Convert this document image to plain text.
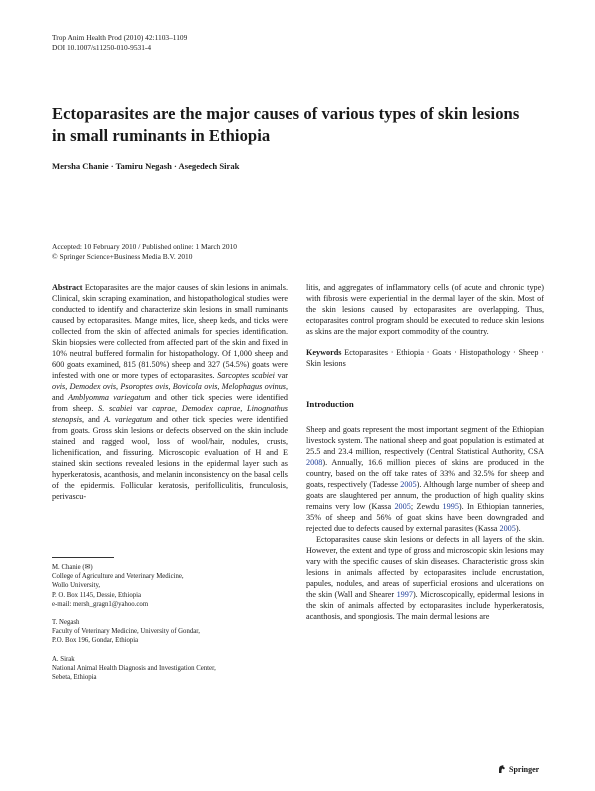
Trop Anim Health Prod (2010) 42:1103–1109
DOI 10.1007/s11250-010-9531-4
Ectoparasites are the major causes of various types of skin lesions in small ruminants in Ethiopia
Mersha Chanie · Tamiru Negash · Asegedech Sirak
Accepted: 10 February 2010 / Published online: 1 March 2010
© Springer Science+Business Media B.V. 2010

Abstract Ectoparasites are the major causes of skin lesions in animals. Clinical, skin scraping examination, and histopathological studies were conducted to identify and characterize skin lesions in small ruminants caused by ectoparasites. Mange mites, lice, sheep keds, and ticks were collected from the skin of affected animals for species identification. Skin biopsies were collected from affected part of the skin and fixed in 10% neutral buffered formalin for histopathology. Of 1,000 sheep and 600 goats examined, 815 (81.50%) sheep and 327 (54.5%) goats were infested with one or more types of ectoparasites. Sarcoptes scabiei var ovis, Demodex ovis, Psoroptes ovis, Bovicola ovis, Melophagus ovinus, and Amblyomma variegatum and other tick species were identified from sheep. S. scabiei var caprae, Demodex caprae, Linognathus stenopsis, and A. variegatum and other tick species were identified from goats. Gross skin lesions or defects observed on the skin include stained and ragged wool, loss of wool/hair, nodules, crusts, lichenification, and fissuring. Microscopic evaluation of H and E stained skin sections revealed lesions in the epidermal layer such as hyperkeratosis, acanthosis, and melanin inconsistency on the basal cells of the epidermis. Follicular keratosis, perifolliculitis, frunculosis, perivascu-

M. Chanie (✉)

College of Agriculture and Veterinary Medicine,

Wollo University,

P. O. Box 1145, Dessie, Ethiopia

e-mail: mersh_gragn1@yahoo.com

T. Negash

Faculty of Veterinary Medicine, University of Gondar,

P.O. Box 196, Gondar, Ethiopia

A. Sirak

National Animal Health Diagnosis and Investigation Center,

Sebeta, Ethiopia

litis, and aggregates of inflammatory cells (of acute and chronic type) with fibrosis were experiential in the dermal layer of the skin. Most of the skin lesions caused by ectoparasites are overlapping. Thus, ectoparasites control program should be executed to reduce skin lesions as skins are the major export commodity of the country.

Keywords Ectoparasites · Ethiopia · Goats · Histopathology · Sheep · Skin lesions

Introduction

Sheep and goats represent the most important segment of the Ethiopian livestock system. The national sheep and goat population is estimated at 25.5 and 23.4 million, respectively (Central Statistical Authority, CSA 2008). Annually, 16.6 million pieces of skins are produced in the country, based on the off take rates of 33% and 32.5% for sheep and goats, respectively (Tadesse 2005). Although large number of sheep and goats are slaughtered per annum, the production of high quality skins remains very low (Kassa 2005; Zewdu 1995). In Ethiopian tanneries, 35% of sheep and 56% of goat skins have been downgraded and rejected due to defects caused by external parasites (Kassa 2005).

Ectoparasites cause skin lesions or defects in all layers of the skin. However, the extent and type of gross and microscopic skin lesions may vary with the specific causes of skin diseases. Characteristic gross skin lesions in animals affected by ectoparasites include encrustation, papules, nodules, and areas of superficial erosions and ulcerations on the skin (Wall and Shearer 1997). Microscopically, epidermal lesions in the skin of animals affected by ectoparasites include hyperkeratosis, acanthosis, and spongiosis. The main dermal lesions are

Springer
